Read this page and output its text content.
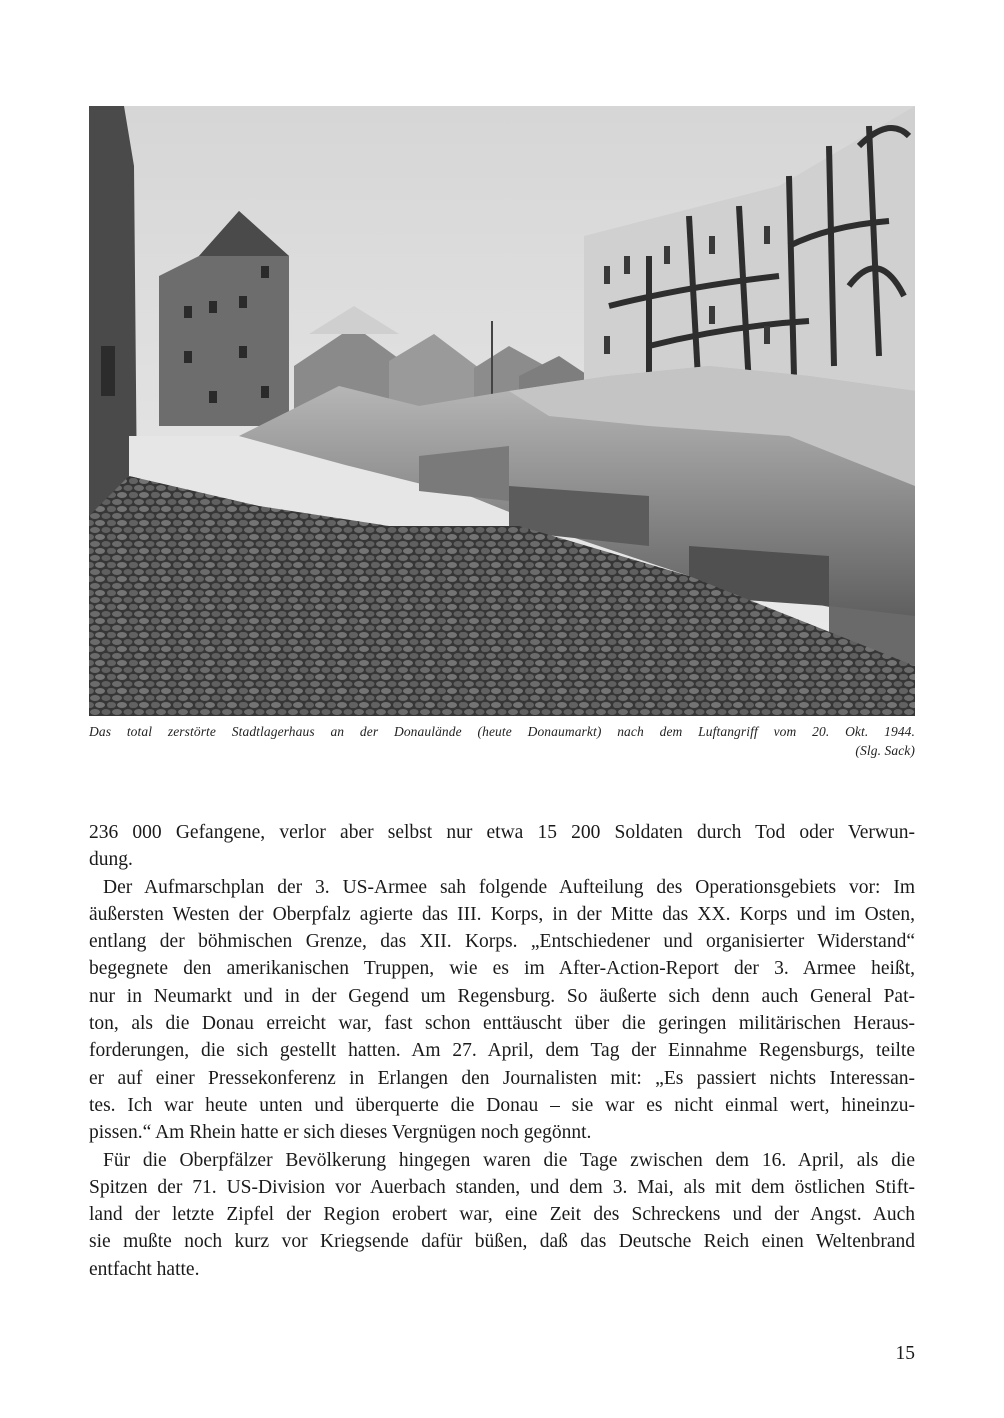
Das total zerstörte Stadtlagerhaus an der Donaulände (heute Donaumarkt) nach dem Luftangriff vom 20. Okt. 1944.
(Slg. Sack)
236 000 Gefangene, verlor aber selbst nur etwa 15 200 Soldaten durch Tod oder Verwun-
dung.
Der Aufmarschplan der 3. US-Armee sah folgende Aufteilung des Operationsgebiets vor: Im
äußersten Westen der Oberpfalz agierte das III. Korps, in der Mitte das XX. Korps und im Osten,
entlang der böhmischen Grenze, das XII. Korps. „Entschiedener und organisierter Widerstand“
begegnete den amerikanischen Truppen, wie es im After-Action-Report der 3. Armee heißt,
nur in Neumarkt und in der Gegend um Regensburg. So äußerte sich denn auch General Pat-
ton, als die Donau erreicht war, fast schon enttäuscht über die geringen militärischen Heraus-
forderungen, die sich gestellt hatten. Am 27. April, dem Tag der Einnahme Regensburgs, teilte
er auf einer Pressekonferenz in Erlangen den Journalisten mit: „Es passiert nichts Interessan-
tes. Ich war heute unten und überquerte die Donau – sie war es nicht einmal wert, hineinzu-
pissen.“ Am Rhein hatte er sich dieses Vergnügen noch gegönnt.
Für die Oberpfälzer Bevölkerung hingegen waren die Tage zwischen dem 16. April, als die
Spitzen der 71. US-Division vor Auerbach standen, und dem 3. Mai, als mit dem östlichen Stift-
land der letzte Zipfel der Region erobert war, eine Zeit des Schreckens und der Angst. Auch
sie mußte noch kurz vor Kriegsende dafür büßen, daß das Deutsche Reich einen Weltenbrand
entfacht hatte.
15
